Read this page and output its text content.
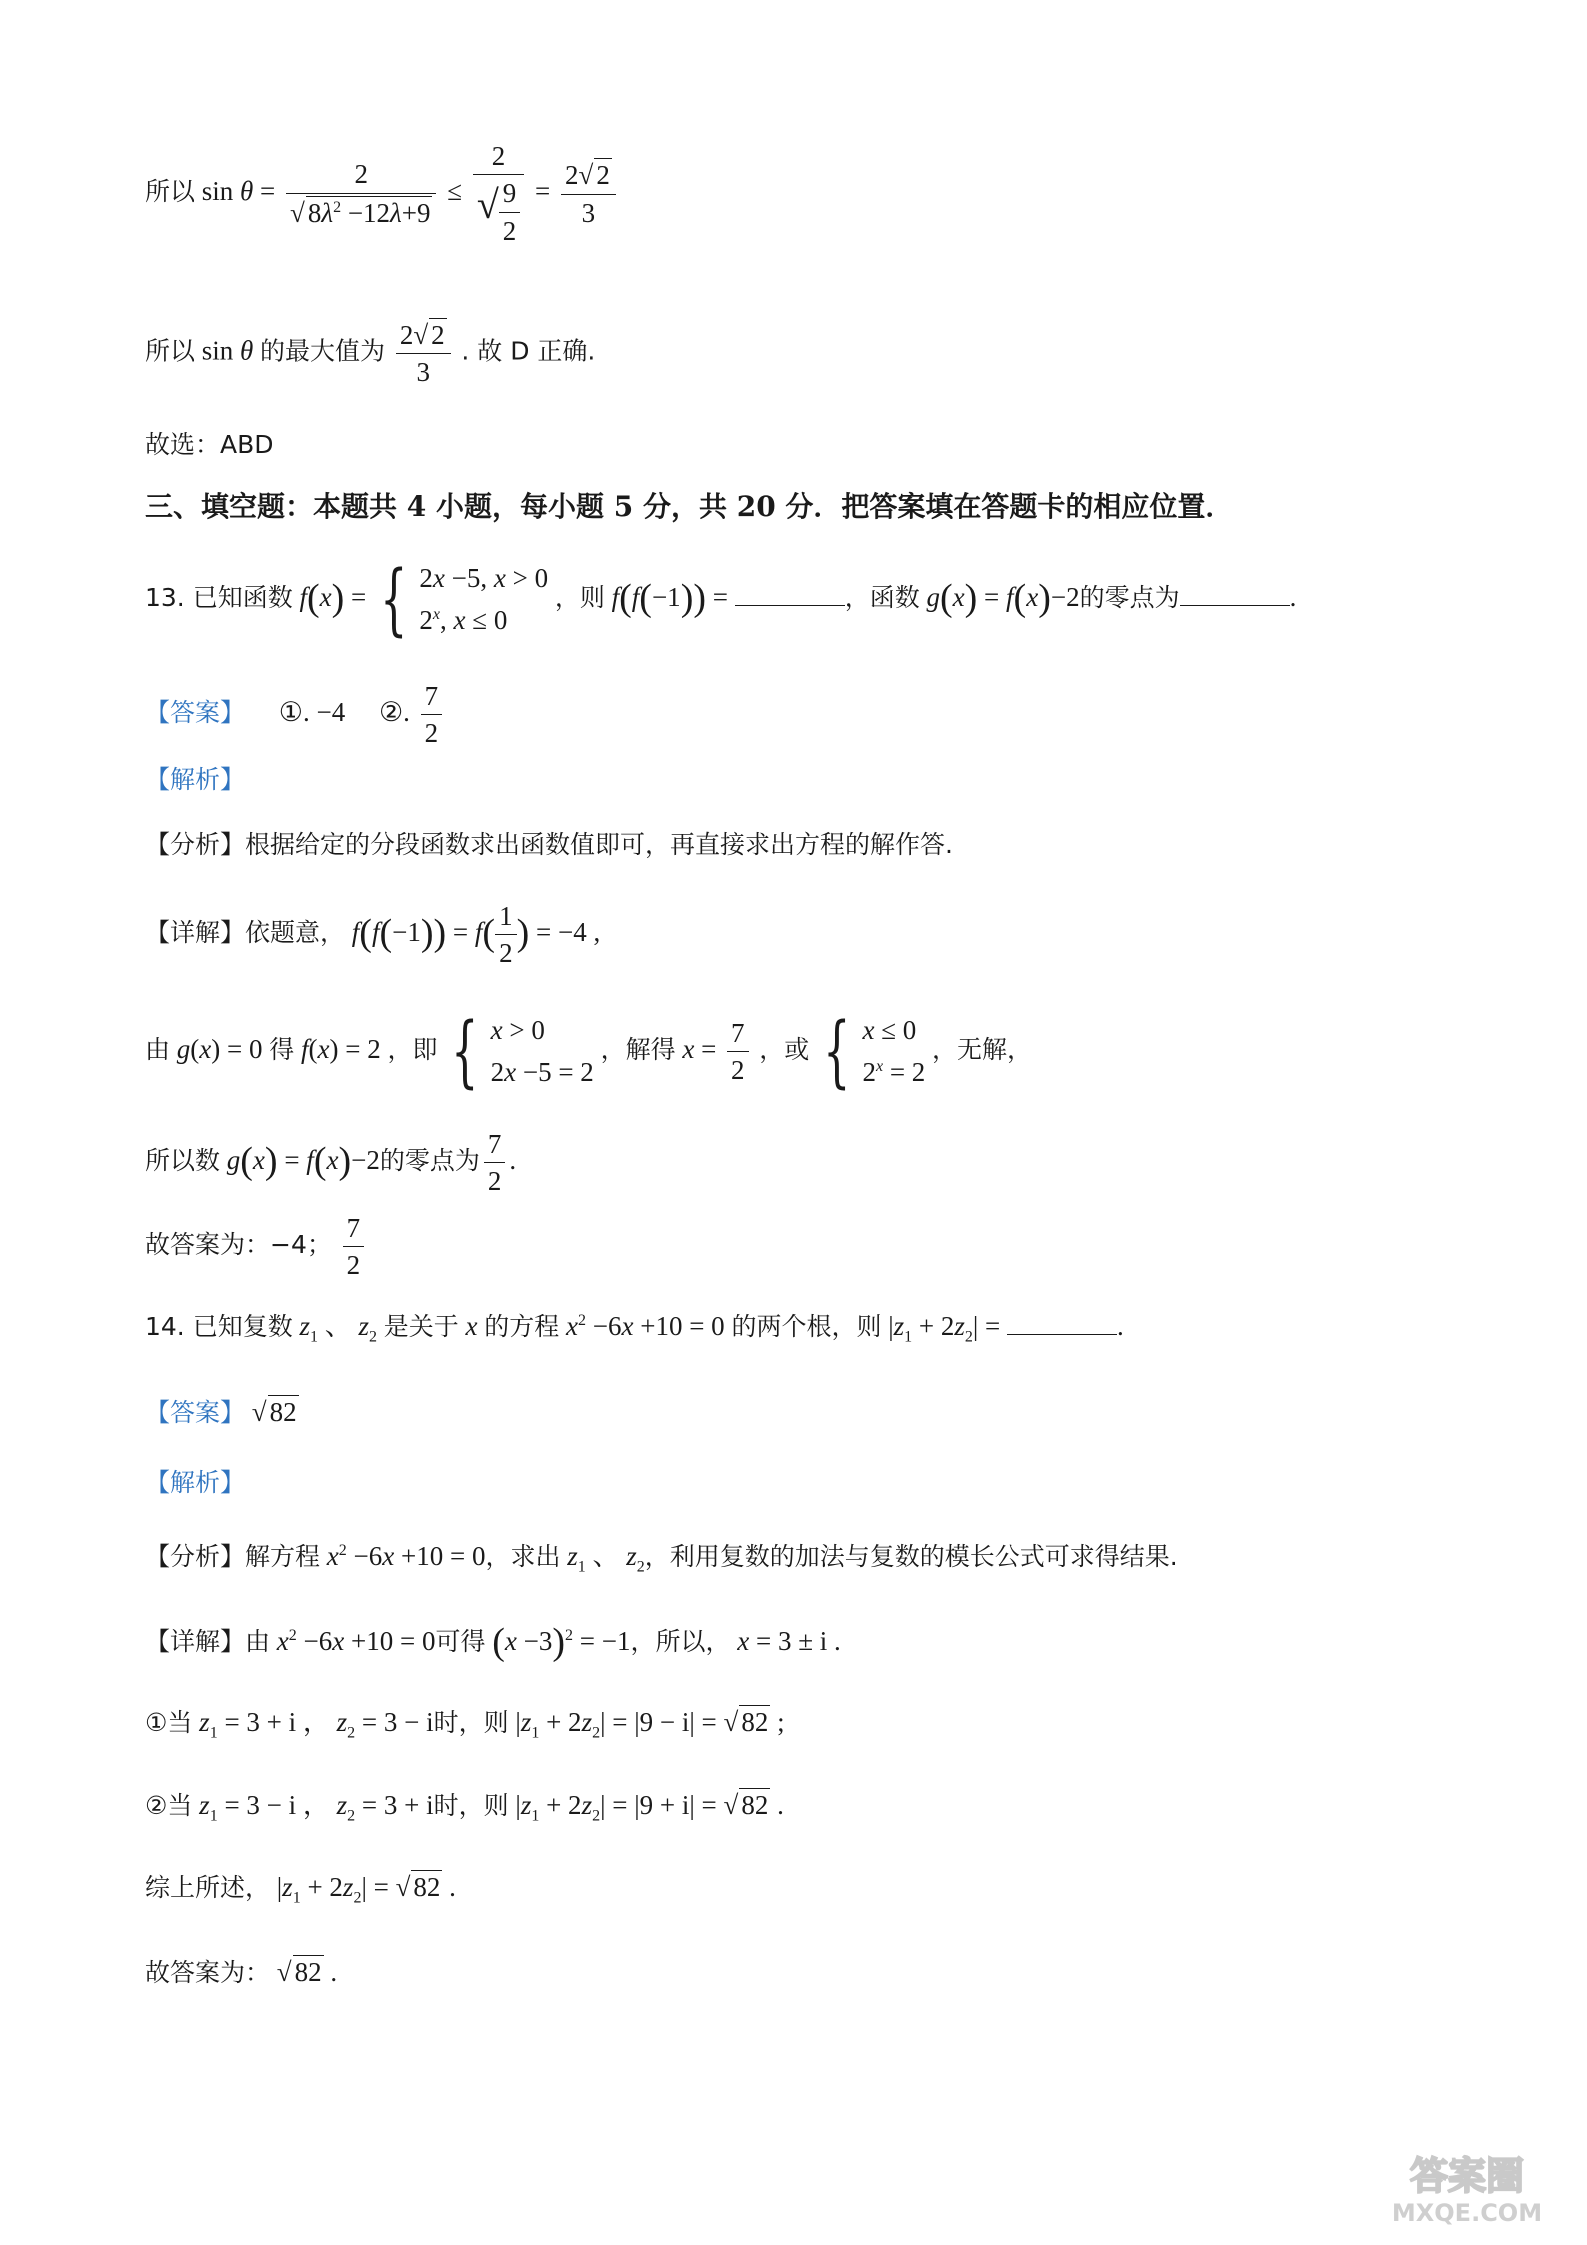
所以 $\sin \theta = \frac{2}{√ 8\lambda^2 -12\lambda+9} \le \frac{2}{√ \frac{9}{2}} = \frac{2√ 2}{3}$
所以 sin θ 的最大值为 $\frac{2√ 2}{3}$ . 故 D 正确.
故选：ABD
三、填空题：本题共 4 小题，每小题 5 分，共 20 分．把答案填在答题卡的相应位置．
13. 已知函数 f(x) = { 2x −5, x > 0
2$^x$, x ≤ 0
，则 f(f(−1)) =	，函数 g(x) = f(x)−2的零点为	.
【答案】 ①. −4 ②. $\frac{7}{2}$
【解析】
【分析】根据给定的分段函数求出函数值即可，再直接求出方程的解作答.
【详解】依题意， $f(f(-1)) = f( \frac{1}{2}$ ) = −4 ,
由 g(x) = 0 得 f(x) = 2 ，即 { x > 0
2x −5 = 2
，解得 $x = \frac{7}{2}$ ，或 { x ≤ 0
$2^x = 2$
，无解，
所以数 g(x) = f(x)−2的零点为 $\frac{7}{2}$ .
故答案为：−4； $\frac{7}{2}$
14. 已知复数 $z_1$ 、 $z_2$ 是关于 x 的方程 $x^2 -6x +10 = 0$ 的两个根，则 $|z_1 + 2z_2|$ =	.
【答案】 √ 82
【解析】
【分析】解方程 $x^2 -6x +10 = 0$，求出 $z_1$ 、 $z_2$，利用复数的加法与复数的模长公式可求得结果.
【详解】由 $x^2 -6x +10 = 0$可得 $(x -3)^2 = -1$，所以， x = 3 ± i .
①当 $z_1 = 3 + i$ ， $z_2 = 3 - i$时，则 $|z_1 + 2z_2| = |9 - i|$ = √ 82 ;
②当 $z_1 = 3 - i$ ， $z_2 = 3 + i$时，则 $|z_1 + 2z_2| = |9 + i|$ = √ 82 .
综上所述， $|z_1 + 2z_2|$ = √ 82 .
故答案为： √ 82 .
答案圈
MXQE.COM
